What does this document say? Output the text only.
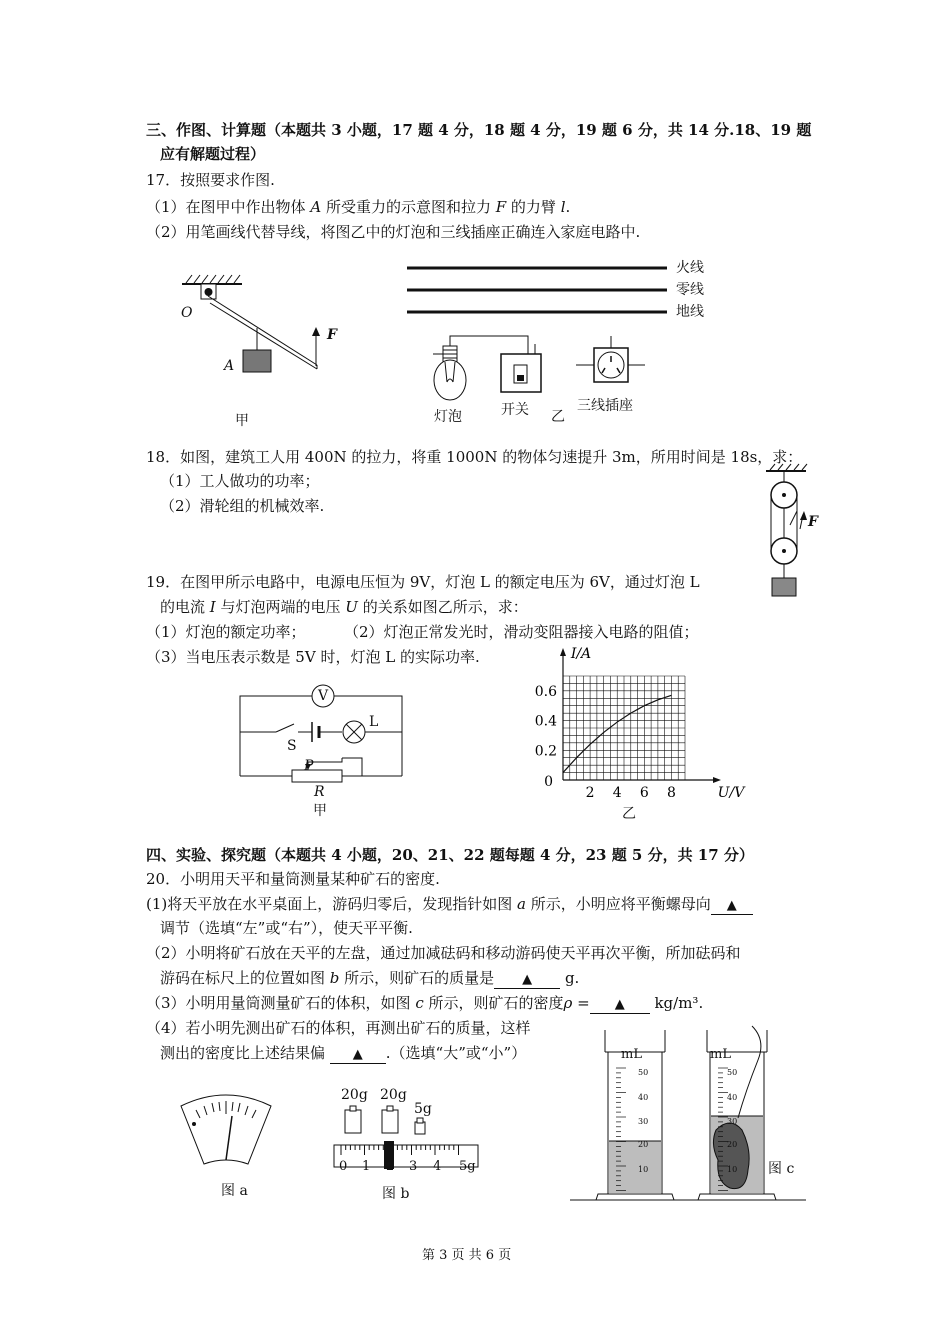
三、作图、计算题（本题共 3 小题，17 题 4 分，18 题 4 分，19 题 6 分，共 14 分.18、19 题
应有解题过程）
17．按照要求作图.
（1）在图甲中作出物体 A 所受重力的示意图和拉力 F 的力臂 l.
（2）用笔画线代替导线，将图乙中的灯泡和三线插座正确连入家庭电路中.
O
A
F
甲
火线
零线
地线
灯泡	开关 乙
三线插座
18．如图，建筑工人用 400N 的拉力，将重 1000N 的物体匀速提升 3m，所用时间是 18s，求：
（1）工人做功的功率；
（2）滑轮组的机械效率.
F
19．在图甲所示电路中，电源电压恒为 9V，灯泡 L 的额定电压为 6V，通过灯泡 L
的电流 I 与灯泡两端的电压 U 的关系如图乙所示，求：
（1）灯泡的额定功率；	（2）灯泡正常发光时，滑动变阻器接入电路的阻值；
（3）当电压表示数是 5V 时，灯泡 L 的实际功率.
V
L
S
P
R
甲
2 4 6 8
0.2
0.4
0.6
0
U/V
I/A
乙
四、实验、探究题（本题共 4 小题，20、21、22 题每题 4 分，23 题 5 分，共 17 分）
20．小明用天平和量筒测量某种矿石的密度.
(1)将天平放在水平桌面上，游码归零后，发现指针如图 a 所示，小明应将平衡螺母向 ▲
调节（选填“左”或“右”），使天平平衡.
（2）小明将矿石放在天平的左盘，通过加减砝码和移动游码使天平再次平衡，所加砝码和
游码在标尺上的位置如图 b 所示，则矿石的质量是 ▲ g.
（3）小明用量筒测量矿石的体积，如图 c 所示，则矿石的密度ρ = ▲ kg/m³.
（4）若小明先测出矿石的体积，再测出矿石的质量，这样
测出的密度比上述结果偏 ▲ .（选填“大”或“小”）
图 a
20g 20g
5g
0 1 2 3 4 5g
图 b
mL	mL
50
40
30
20
10
50
40
30
20
10 图 c
第 3 页 共 6 页
